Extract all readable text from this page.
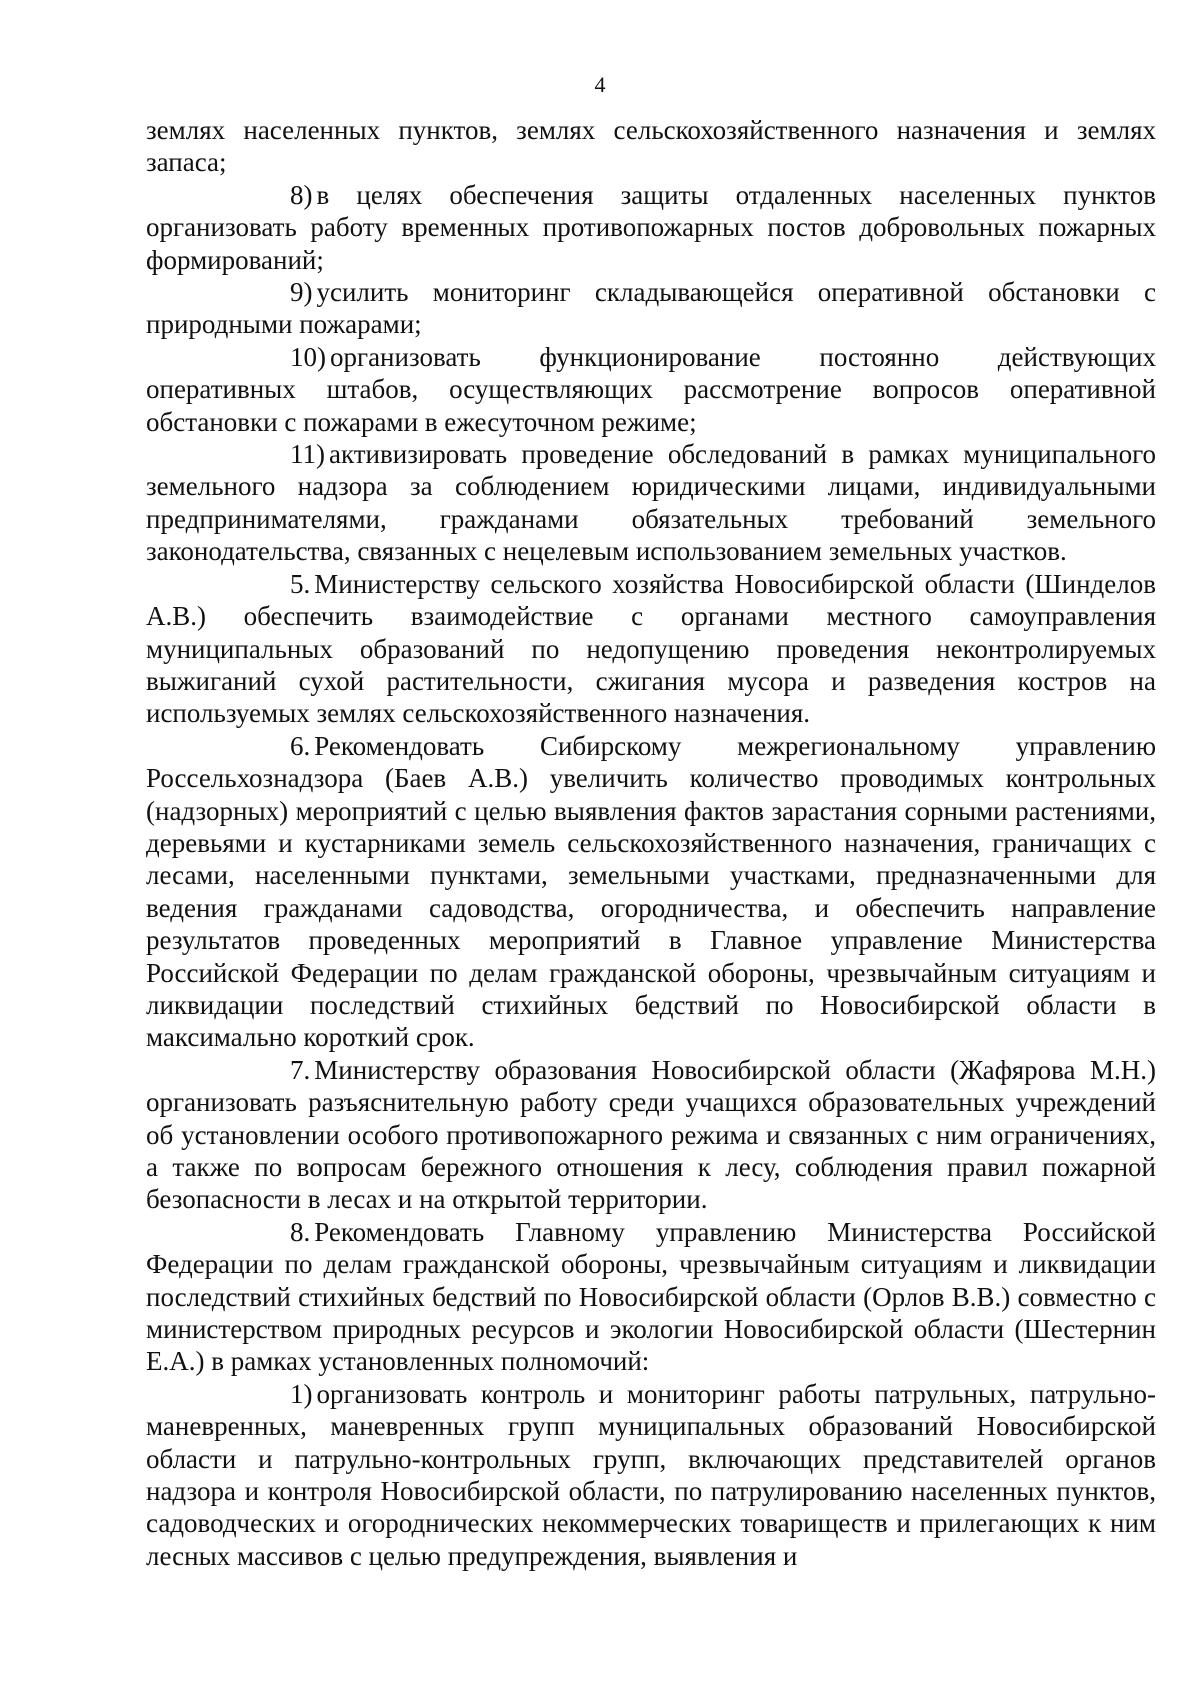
4

землях населенных пунктов, землях сельскохозяйственного назначения и землях запаса;

8) в целях обеспечения защиты отдаленных населенных пунктов организовать работу временных противопожарных постов добровольных пожарных формирований;

9) усилить мониторинг складывающейся оперативной обстановки с природными пожарами;

10) организовать функционирование постоянно действующих оперативных штабов, осуществляющих рассмотрение вопросов оперативной обстановки с пожарами в ежесуточном режиме;

11) активизировать проведение обследований в рамках муниципального земельного надзора за соблюдением юридическими лицами, индивидуальными предпринимателями, гражданами обязательных требований земельного законодательства, связанных с нецелевым использованием земельных участков.

5. Министерству сельского хозяйства Новосибирской области (Шинделов А.В.) обеспечить взаимодействие с органами местного самоуправления муниципальных образований по недопущению проведения неконтролируемых выжиганий сухой растительности, сжигания мусора и разведения костров на используемых землях сельскохозяйственного назначения.

6. Рекомендовать Сибирскому межрегиональному управлению Россельхознадзора (Баев А.В.) увеличить количество проводимых контрольных (надзорных) мероприятий с целью выявления фактов зарастания сорными растениями, деревьями и кустарниками земель сельскохозяйственного назначения, граничащих с лесами, населенными пунктами, земельными участками, предназначенными для ведения гражданами садоводства, огородничества, и обеспечить направление результатов проведенных мероприятий в Главное управление Министерства Российской Федерации по делам гражданской обороны, чрезвычайным ситуациям и ликвидации последствий стихийных бедствий по Новосибирской области в максимально короткий срок.

7. Министерству образования Новосибирской области (Жафярова М.Н.) организовать разъяснительную работу среди учащихся образовательных учреждений об установлении особого противопожарного режима и связанных с ним ограничениях, а также по вопросам бережного отношения к лесу, соблюдения правил пожарной безопасности в лесах и на открытой территории.

8. Рекомендовать Главному управлению Министерства Российской Федерации по делам гражданской обороны, чрезвычайным ситуациям и ликвидации последствий стихийных бедствий по Новосибирской области (Орлов В.В.) совместно с министерством природных ресурсов и экологии Новосибирской области (Шестернин Е.А.) в рамках установленных полномочий:

1) организовать контроль и мониторинг работы патрульных, патрульно-маневренных, маневренных групп муниципальных образований Новосибирской области и патрульно-контрольных групп, включающих представителей органов надзора и контроля Новосибирской области, по патрулированию населенных пунктов, садоводческих и огороднических некоммерческих товариществ и прилегающих к ним лесных массивов с целью предупреждения, выявления и
